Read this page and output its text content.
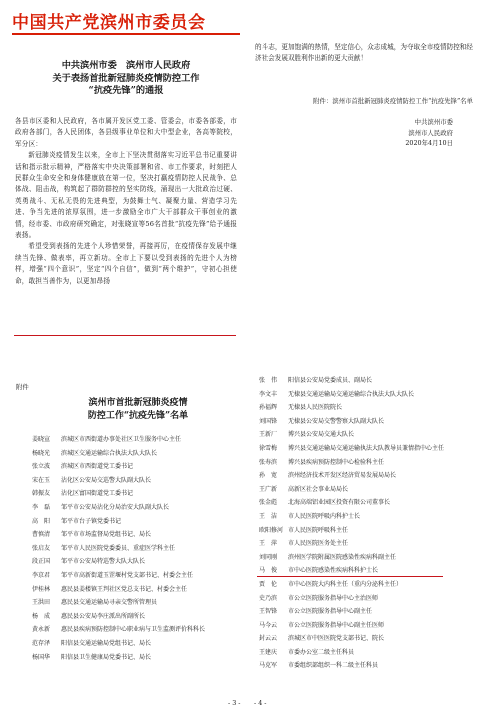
中国共产党滨州市委员会
中共滨州市委　滨州市人民政府
关于表扬首批新冠肺炎疫情防控工作
“抗疫先锋”的通报

各县市区委和人民政府，各市属开发区党工委、管委会，市委各部委，市政府各部门，各人民团体，各县级事业单位和大中型企业，各高等院校，军分区：

新冠肺炎疫情发生以来，全市上下坚决贯彻落实习近平总书记重要讲话和指示批示精神，严格落实中央决策部署和省、市工作要求，时刻把人民群众生命安全和身体健康放在第一位，坚决打赢疫情防控人民战争、总体战、阻击战，构筑起了群防群控的坚实防线，涌现出一大批政治过硬、英勇战斗、无私无畏的先进典型，为鼓舞士气、凝聚力量、营造学习先进、争当先进的浓厚氛围，进一步激励全市广大干部群众干事创业的激情，经市委、市政府研究确定，对张晓宣等56名首批“抗疫先锋”给予通报表扬。

希望受到表扬的先进个人珍惜荣誉，再接再厉，在疫情保存发展中继续当先锋、做表率，再立新功。全市上下要以受到表扬的先进个人为榜样，增强“四个意识”，坚定“四个自信”，做到“两个维护”，守初心担使命，敢担当善作为，以更加昂扬

的斗志，更加饱满的热情，坚定信心，众志成城，为夺取全市疫情防控和经济社会发展双胜利作出新的更大贡献！

附件：滨州市首批新冠肺炎疫情防控工作“抗疫先锋”名单
中共滨州市委
滨州市人民政府
2020年4月10日
附件
滨州市首批新冠肺炎疫情
防控工作“抗疫先锋”名单
姜晓宣	滨城区市西街道办事处社区卫生服务中心主任
杨晓光	滨城区交通运输综合执法大队大队长
张立波	滨城区市西街道党工委书记
宋在玉	沾化区公安局交巡警大队副大队长
韩振友	沾化区富国街道党工委书记
李　磊	邹平市公安局沾化分局治安大队副大队长
高　阳	邹平市台子镇党委书记
曹慎清	邹平市市场监督局党组书记、局长
张启友	邹平市人民医院党委委员、重症医学科主任
段正国	邹平市公安局特巡警大队大队长
李京君	邹平市高新街道玉罡堰村党支部书记、村委会主任
伊桂林	惠民县姜楼镇王判社区党总支书记、村委会主任
王洪田	惠民县交通运输局寻亲交警所管理员
杨　成	惠民县公安局李庄派出所副所长
黄永新	惠民县疾病预防控制中心职业病与卫生监测评价科科长
范存泽	阳信县交通运输局党组书记、局长
杨国华	阳信县卫生健康局党委书记、局长
张　伟	阳信县公安局党委成员、副局长
李文丰	无棣县交通运输局交通运输综合执法大队大队长
孙福辉	无棣县人民医院院长
刘国锋	无棣县公安局交警警察大队副大队长
王新厂	博兴县公安局交通大队长
徐雪梅	博兴县交通运输局交通运输执法大队教导员兼情指中心主任
张寿滨	博兴县疾病预防控制中心检验科主任
孙　宽	滨州经济技术开发区经济贸易发展局局长
王广新	高新区社会事业局局长
张金彪	北海高端铝业园区投资有限公司董事长
王　洁	市人民医院呼吸内科护士长
欧阳修河 市人民医院呼吸科主任
王　萍	市人民医院医务处主任
刘同刚	滨州医学院附属医院感染性疾病科副主任
马　俊	市中心医院感染性疾病科科护士长
贾　伦	市中心医院大内科主任（重内分泌科主任）
史乃滨	市公立医院服务指导中心主治医师
王智锋	市公立医院服务指导中心副主任
马今云	市公立医院服务指导中心副主任医师
封云云	滨城区市中医医院党支部书记、院长
王建庆	市委办公室二级主任科员
马克军	市委组织部组织一科二级主任科员
- 3 - - 4 -
